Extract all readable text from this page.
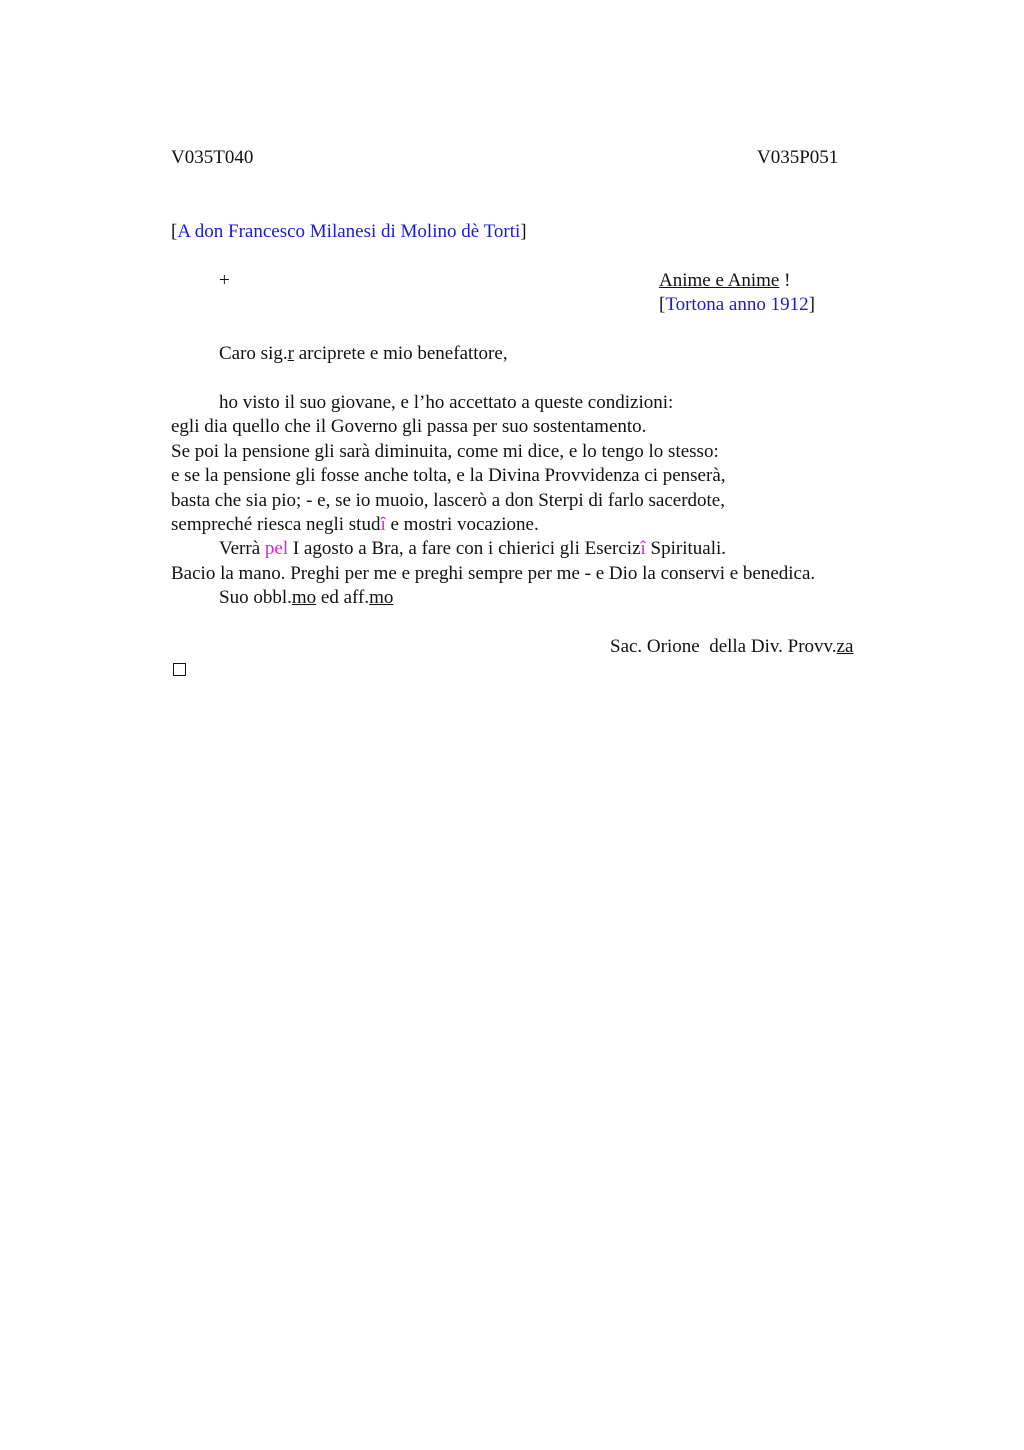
V035T040	V035P051
[A don Francesco Milanesi di Molino dè Torti]
+	Anime e Anime !
[Tortona anno 1912]
Caro sig.r arciprete e mio benefattore,
ho visto il suo giovane, e l’ho accettato a queste condizioni:
egli dia quello che il Governo gli passa per suo sostentamento.
Se poi la pensione gli sarà diminuita, come mi dice, e lo tengo lo stesso:
e se la pensione gli fosse anche tolta, e la Divina Provvidenza ci penserà,
basta che sia pio; - e, se io muoio, lascerò a don Sterpi di farlo sacerdote,
sempreché riesca negli studî e mostri vocazione.
Verrà pel I agosto a Bra, a fare con i chierici gli Esercizî Spirituali.
Bacio la mano. Preghi per me e preghi sempre per me - e Dio la conservi e benedica.
Suo obbl.mo ed aff.mo
Sac. Orione  della Div. Provv.za
